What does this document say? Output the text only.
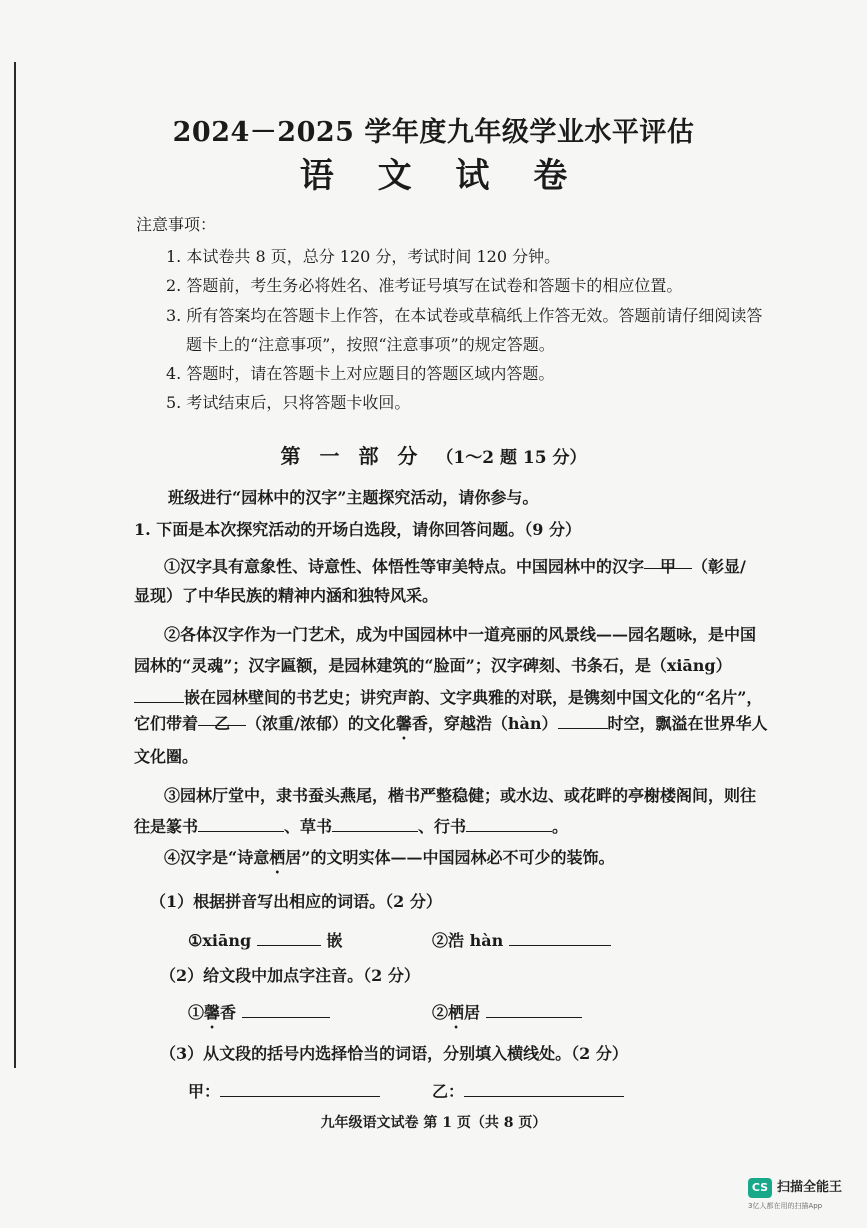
2024－2025 学年度九年级学业水平评估
语 文 试 卷
注意事项：
1. 本试卷共 8 页，总分 120 分，考试时间 120 分钟。
2. 答题前，考生务必将姓名、准考证号填写在试卷和答题卡的相应位置。
3. 所有答案均在答题卡上作答，在本试卷或草稿纸上作答无效。答题前请仔细阅读答
题卡上的“注意事项”，按照“注意事项”的规定答题。
4. 答题时，请在答题卡上对应题目的答题区域内答题。
5. 考试结束后，只将答题卡收回。
第 一 部 分 （1～2 题 15 分）
班级进行“园林中的汉字”主题探究活动，请你参与。
1. 下面是本次探究活动的开场白选段，请你回答问题。（9 分）
①汉字具有意象性、诗意性、体悟性等审美特点。中国园林中的汉字 甲 （彰显/
显现）了中华民族的精神内涵和独特风采。
②各体汉字作为一门艺术，成为中国园林中一道亮丽的风景线——园名题咏，是中国
园林的“灵魂”；汉字匾额，是园林建筑的“脸面”；汉字碑刻、书条石，是（xiāng）
嵌在园林壁间的书艺史；讲究声韵、文字典雅的对联，是镌刻中国文化的“名片”，
它们带着 乙 （浓重/浓郁）的文化馨香，穿越浩（hàn）	时空，飘溢在世界华人
文化圈。
③园林厅堂中，隶书蚕头燕尾，楷书严整稳健；或水边、或花畔的亭榭楼阁间，则往
往是篆书	、草书	、行书	。
④汉字是“诗意栖居”的文明实体——中国园林必不可少的装饰。
（1）根据拼音写出相应的词语。（2 分）
①xiāng	嵌	②浩 hàn
（2）给文段中加点字注音。（2 分）
①馨香	②栖居
（3）从文段的括号内选择恰当的词语，分别填入横线处。（2 分）
甲：	乙：
九年级语文试卷 第 1 页（共 8 页）
CS 扫描全能王
3亿人都在用的扫描App
